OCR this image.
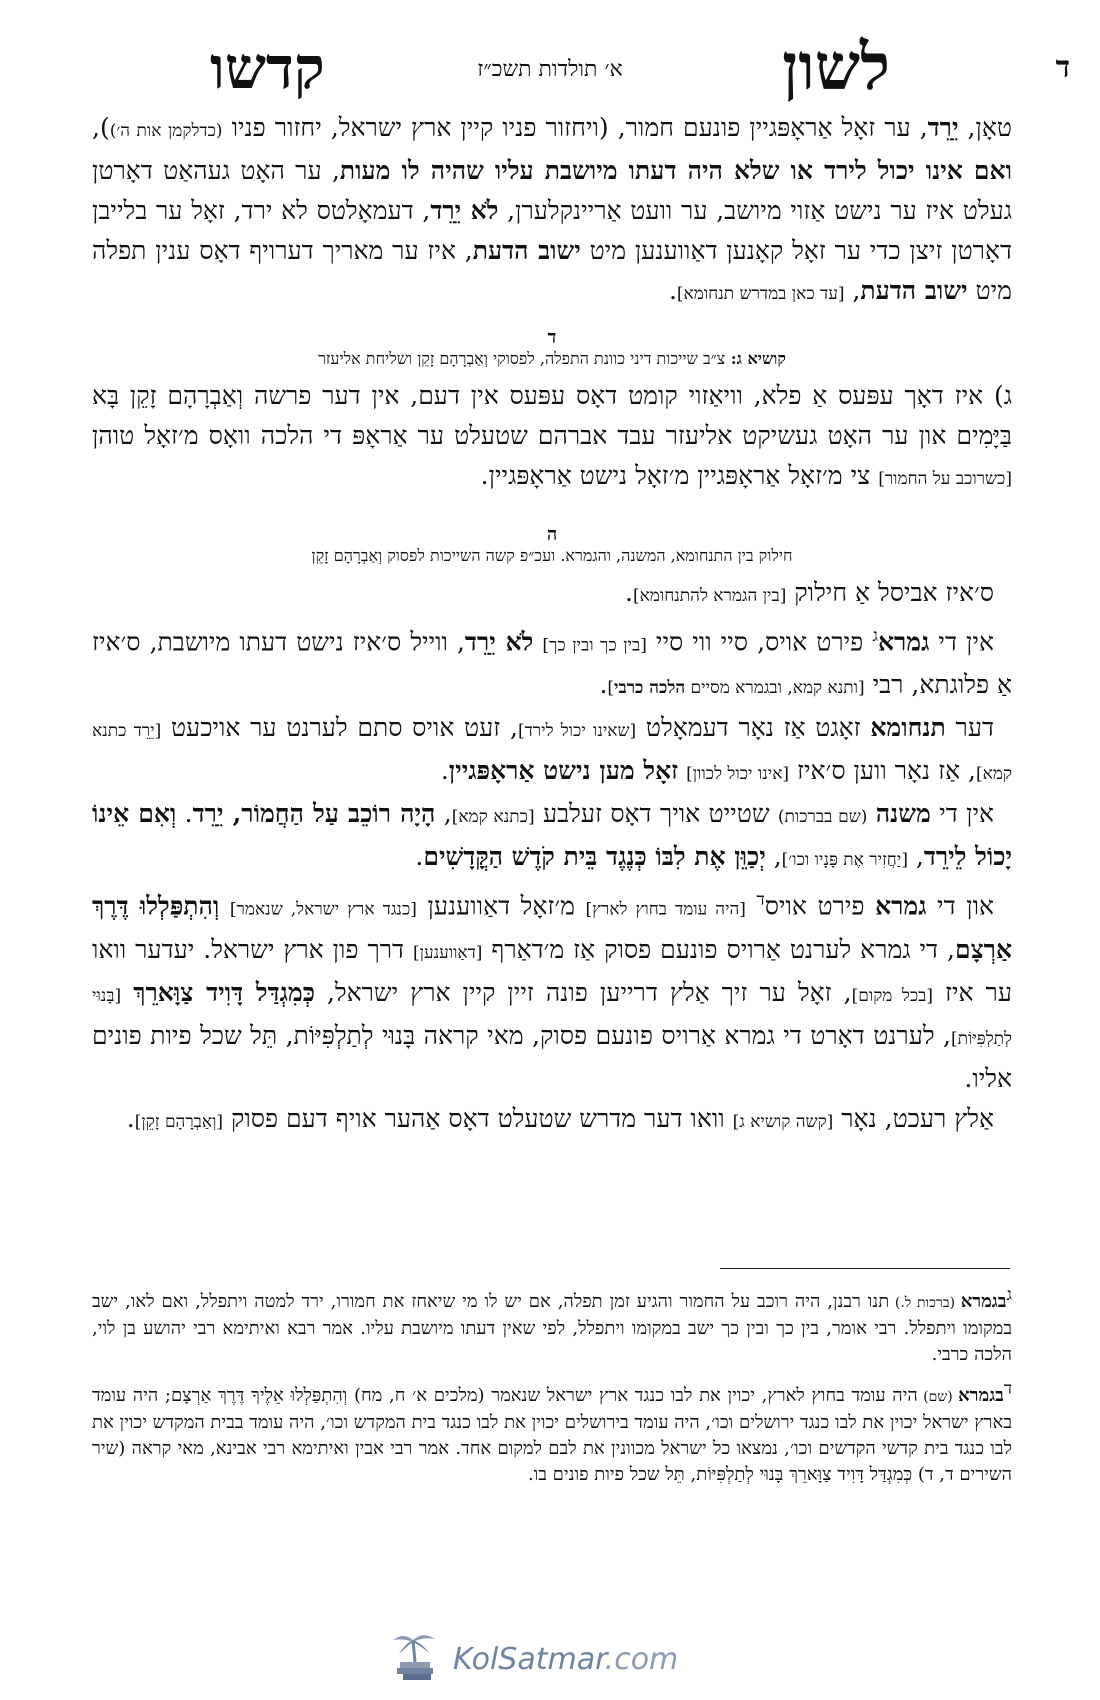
ד
לשון
א׳ תולדות תשכ״ז
קדשו

טאָן, יֵרֵד, ער זאָל אַראָפּגיין פונעם חמור, (ויחזור פניו קיין ארץ ישראל, יחזור פניו (כדלקמן אות ה׳)), ואם אינו יכול לירד או שלא היה דעתו מיושבת עליו שהיה לו מעות, ער האָט געהאַט דאָרטן געלט איז ער נישט אַזוי מיושב, ער וועט אַריינקלערן, לֹא יֵרֵד, דעמאָלטס לא ירד, זאָל ער בלייבן דאָרטן זיצן כדי ער זאָל קאָנען דאַווענען מיט ישוב הדעת, איז ער מאריך דערויף דאָס ענין תפלה מיט ישוב הדעת, [עד כאן במדרש תנחומא].

ד
קושיא ג: צ״ב שייכות דיני כוונת התפלה, לפסוקי וְאַבְרָהָם זָקֵן ושליחת אליעזר

ג) איז דאָך עפּעס אַ פלא, וויאַזוי קומט דאָס עפּעס אין דעם, אין דער פרשה וְאַבְרָהָם זָקֵן בָּא בַּיָּמִים און ער האָט געשיקט אליעזר עבד אברהם שטעלט ער אַראָפּ די הלכה וואָס מ׳זאָל טוהן [כשרוכב על החמור] צי מ׳זאָל אַראָפּגיין מ׳זאָל נישט אַראָפּגיין.

ה
חילוק בין התנחומא, המשנה, והגמרא. ועכ״פ קשה השייכות לפסוק וְאַבְרָהָם זָקֵן

ס׳איז אביסל אַ חילוק [בין הגמרא להתנחומא].

אין די גמרא$^ג$ פירט אויס, סיי ווי סיי [בין כך ובין כך] לֹא יֵרֵד, ווייל ס׳איז נישט דעתו מיושבת, ס׳איז אַ פלוגתא, רבי [ותנא קמא, ובגמרא מסיים הלכה כרבי].

דער תנחומא זאָגט אַז נאָר דעמאָלט [שאינו יכול לירד], זעט אויס סתם לערנט ער אויכעט [יֵרֵד כתנא קמא], אַז נאָר ווען ס׳איז [אינו יכול לכוון] זאָל מען נישט אַראָפּגיין.

אין די משנה (שם בברכות) שטייט אויך דאָס זעלבע [כתנא קמא], הָיָה רוֹכֵב עַל הַחֲמוֹר, יֵרֵד. וְאִם אֵינוֹ יָכוֹל לֵירֵד, [יַחֲזִיר אֶת פָּנָיו וכו׳], יְכַוֵּן אֶת לִבּוֹ כְּנֶגֶד בֵּית קֹדֶשׁ הַקֳּדָשִׁים.

און די גמרא פירט אויס$^ד$ [היה עומד בחוץ לארץ] מ׳זאָל דאַווענען [כנגד ארץ ישראל, שנאמר] וְהִתְפַּלְלוּ דֶּרֶךְ אַרְצָם, די גמרא לערנט אַרויס פונעם פסוק אַז מ׳דאַרף [דאַווענען] דרך פון ארץ ישראל. יעדער וואו ער איז [בכל מקום], זאָל ער זיך אַלץ דרייען פונה זיין קיין ארץ ישראל, כְּמִגְדַּל דָּוִיד צַוָּארֵךְ [בָּנוּי לְתַלְפִּיּוֹת], לערנט דאָרט די גמרא אַרויס פונעם פסוק, מאי קראה בָּנוּי לְתַלְפִּיּוֹת, תֵּל שכל פיות פונים אליו.

אַלץ רעכט, נאָר [קשה קושיא ג] וואו דער מדרש שטעלט דאָס אַהער אויף דעם פסוק [וְאַבְרָהָם זָקֵן].

$^ג$בגמרא (ברכות ל.) תנו רבנן, היה רוכב על החמור והגיע זמן תפלה, אם יש לו מי שיאחז את חמורו, ירד למטה ויתפלל, ואם לאו, ישב במקומו ויתפלל. רבי אומר, בין כך ובין כך ישב במקומו ויתפלל, לפי שאין דעתו מיושבת עליו. אמר רבא ואיתימא רבי יהושע בן לוי, הלכה כרבי.

$^ד$בגמרא (שם) היה עומד בחוץ לארץ, יכוין את לבו כנגד ארץ ישראל שנאמר (מלכים א׳ ח, מח) וְהִתְפַּלְלוּ אֵלֶיךָ דֶּרֶךְ אַרְצָם; היה עומד בארץ ישראל יכוין את לבו כנגד ירושלים וכו׳, היה עומד בירושלים יכוין את לבו כנגד בית המקדש וכו׳, היה עומד בבית המקדש יכוין את לבו כנגד בית קדשי הקדשים וכו׳, נמצאו כל ישראל מכוונין את לבם למקום אחד. אמר רבי אבין ואיתימא רבי אבינא, מאי קראה (שיר השירים ד, ד) כְּמִגְדַּל דָּוִיד צַוָּארֵךְ בָּנוּי לְתַלְפִּיּוֹת, תֵּל שכל פיות פונים בו.

KolSatmar.com
